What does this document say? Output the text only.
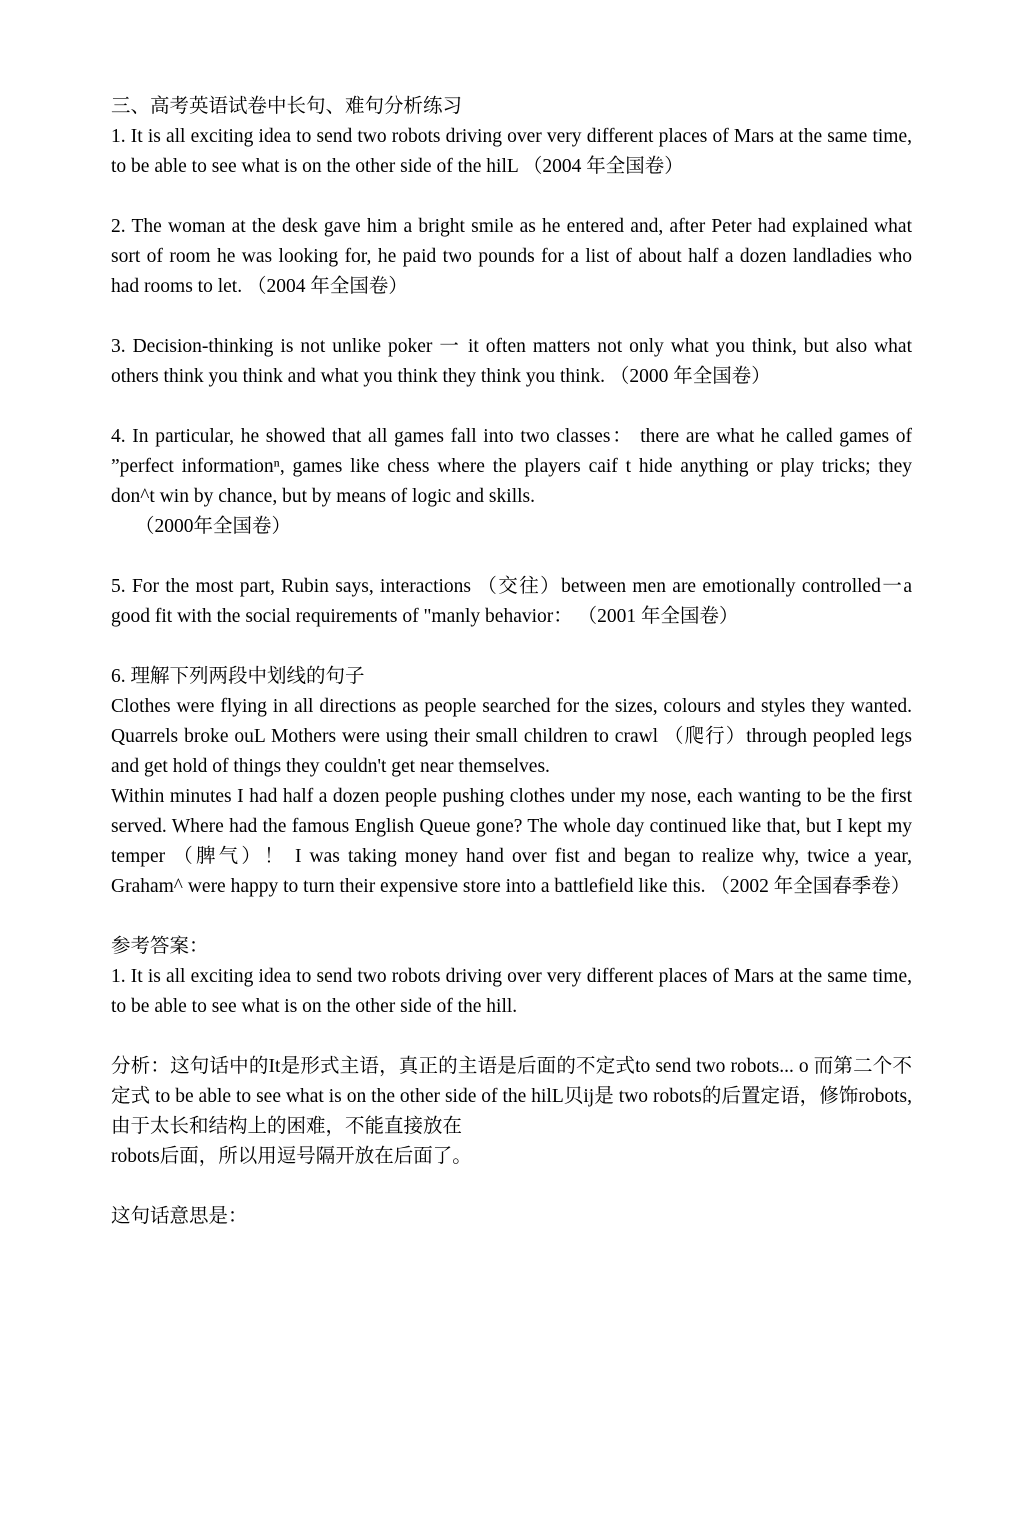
三、高考英语试卷中长句、难句分析练习

1. It is all exciting idea to send two robots driving over very different places of Mars at the same time, to be able to see what is on the other side of the hilL （2004 年全国卷）

2. The woman at the desk gave him a bright smile as he entered and, after Peter had explained what sort of room he was looking for, he paid two pounds for a list of about half a dozen landladies who had rooms to let. （2004 年全国卷）

3. Decision-thinking is not unlike poker 一 it often matters not only what you think, but also what others think you think and what you think they think you think. （2000 年全国卷）

4. In particular, he showed that all games fall into two classes： there are what he called games of ”perfect informationⁿ, games like chess where the players caif t hide anything or play tricks; they don^t win by chance, but by means of logic and skills.

（2000年全国卷）

5. For the most part, Rubin says, interactions （交往）between men are emotionally controlled一a good fit with the social requirements of "manly behavior： （2001 年全国卷）

6. 理解下列两段中划线的句子

Clothes were flying in all directions as people searched for the sizes, colours and styles they wanted. Quarrels broke ouL Mothers were using their small children to crawl （爬行）through peopled legs and get hold of things they couldn't get near themselves.

Within minutes I had half a dozen people pushing clothes under my nose, each wanting to be the first served. Where had the famous English Queue gone? The whole day continued like that, but I kept my temper （脾气）！ I was taking money hand over fist and began to realize why, twice a year, Graham^ were happy to turn their expensive store into a battlefield like this. （2002 年全国春季卷）

参考答案：

1. It is all exciting idea to send two robots driving over very different places of Mars at the same time, to be able to see what is on the other side of the hill.

分析：这句话中的It是形式主语，真正的主语是后面的不定式to send two robots... o 而第二个不定式 to be able to see what is on the other side of the hilL贝ij是 two robots的后置定语，修饰robots,由于太长和结构上的困难，不能直接放在

robots后面，所以用逗号隔开放在后面了。

这句话意思是：
